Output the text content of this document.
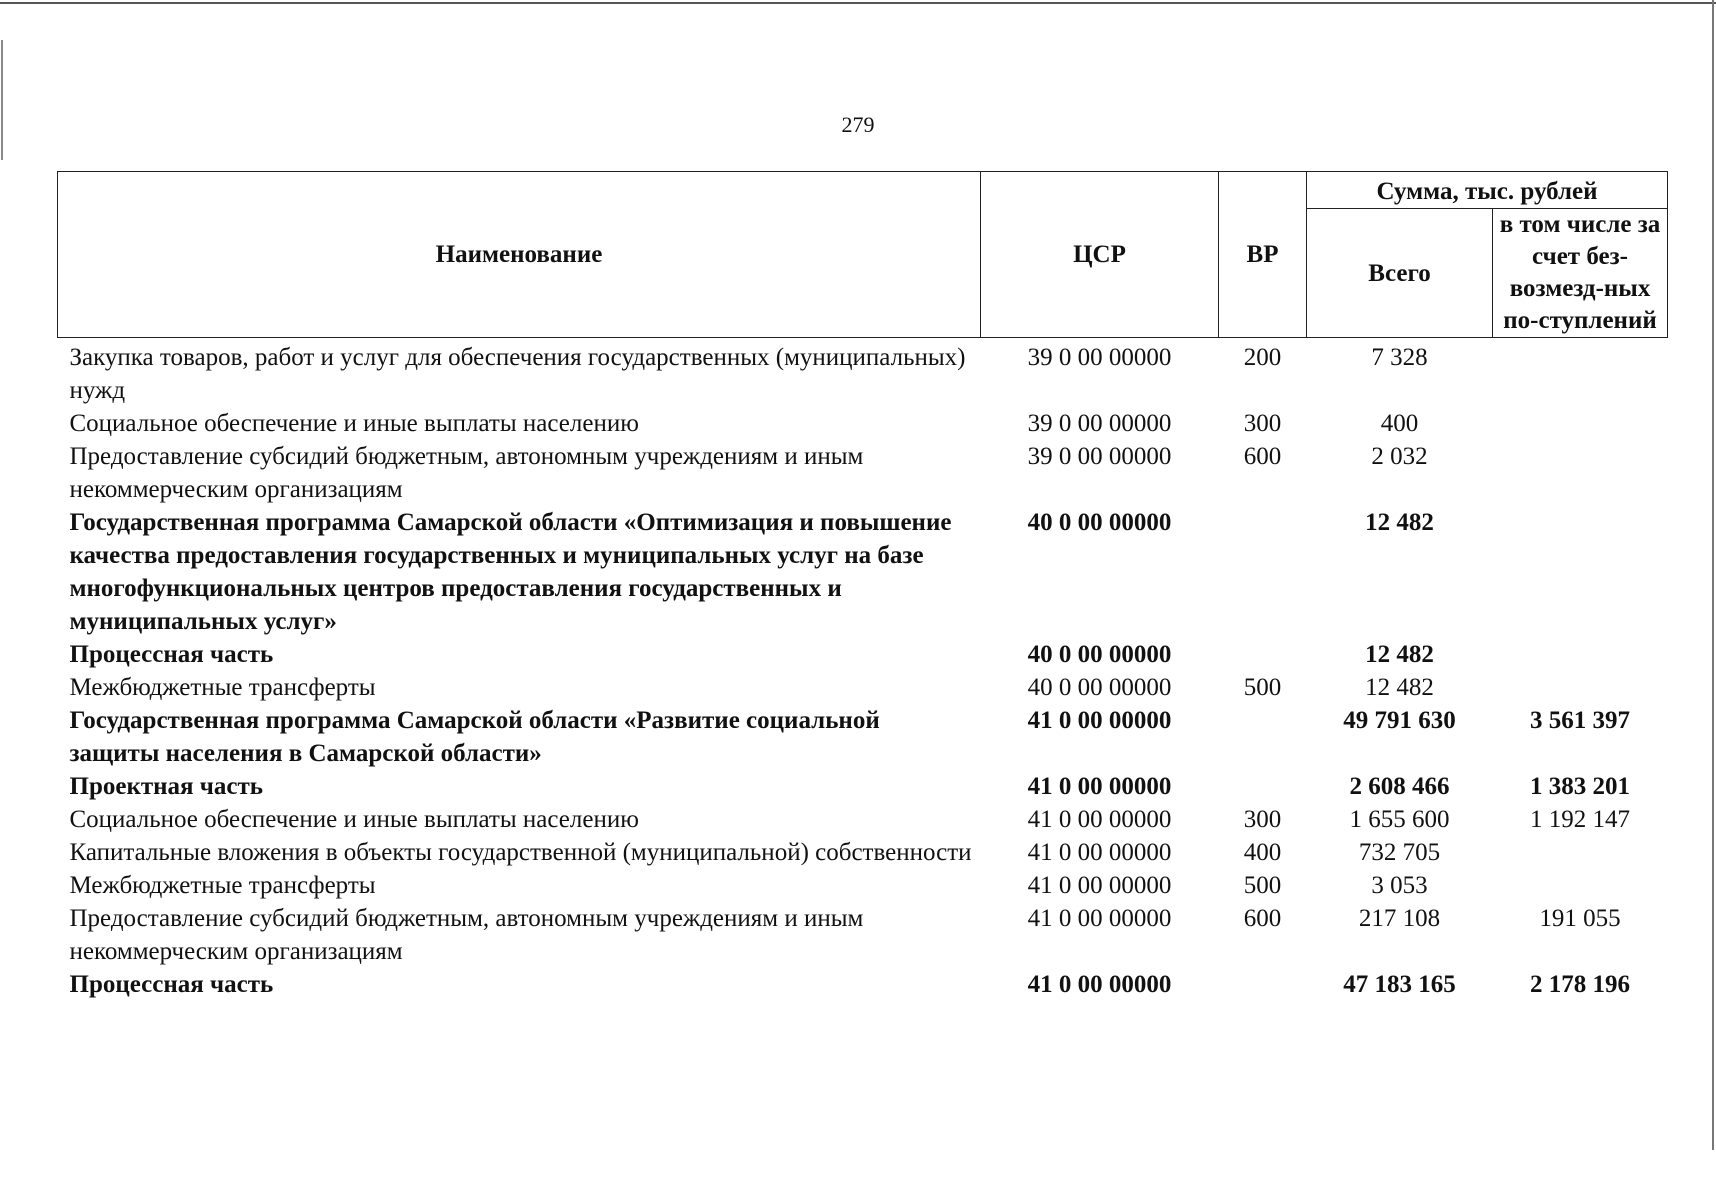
279
Наименование	ЦСР	ВР	Сумма, тыс. рублей	
			Всего	в том числе за счет без-возмезд-ных по-ступлений
Закупка товаров, работ и услуг для обеспечения государственных (муниципальных) нужд	39 0 00 00000	200	7 328	
Социальное обеспечение и иные выплаты населению	39 0 00 00000	300	400	
Предоставление субсидий бюджетным, автономным учреждениям и иным некоммерческим организациям	39 0 00 00000	600	2 032	
Государственная программа Самарской области «Оптимизация и повышение качества предоставления государственных и муниципальных услуг на базе многофункциональных центров предоставления государственных и муниципальных услуг»	40 0 00 00000		12 482	
Процессная часть	40 0 00 00000		12 482	
Межбюджетные трансферты	40 0 00 00000	500	12 482	
Государственная программа Самарской области «Развитие социальной защиты населения в Самарской области»	41 0 00 00000		49 791 630	3 561 397
Проектная часть	41 0 00 00000		2 608 466	1 383 201
Социальное обеспечение и иные выплаты населению	41 0 00 00000	300	1 655 600	1 192 147
Капитальные вложения в объекты государственной (муниципальной) собственности	41 0 00 00000	400	732 705	
Межбюджетные трансферты	41 0 00 00000	500	3 053	
Предоставление субсидий бюджетным, автономным учреждениям и иным некоммерческим организациям	41 0 00 00000	600	217 108	191 055
Процессная часть	41 0 00 00000		47 183 165	2 178 196
